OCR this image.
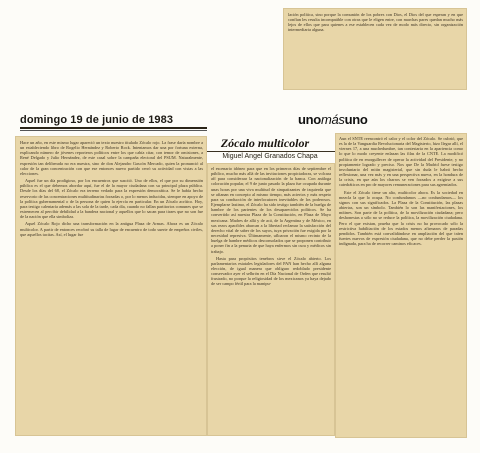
lación política, sino porque la comunión de los pobres con Dios, el Dios del que esperan y en que confían les resulta incompatible con otras que le eligen entre, con marchas pares quedan mucho más lejos de ellos que para quienes a ese establecen cada vez de modo más directo, sin organización intermediaria alguna.

domingo 19 de junio de 1983	unomásuno
Zócalo multicolor
Miguel Angel Granados Chapa

Hace un año, en este mismo lugar apareció un texto nuestro titulado Zócalo rojo. La frase daría nombre a un estableciendo libro de Rogelio Hernández y Roberto Rock. Intentamos dar una por fortuna externa, explicando número de jóvenes reporteros políticos entre los que cabía citar, con temor de omisiones, a René Delgado y Julio Hernández, de este casal sobre la campaña electoral del PSUM. Naturalmente, expresión tan deliberada no era nuestra, sino de don Alejandro Gascón Mercado, quien la pronunció al calor de la gran concentración con que ese entonces nuevo partido cerró su actividad con vistas a las elecciones.

Aquel fue un día prodigioso, por los encuentros que suscitó. Uno de ellos, el que por su dimensión pública es el que debemos abordar aquí, fue el de la mayor ciudadana con su principal plaza pública. Desde los días del 68, el Zócalo era terreno vedado para la expresión democrática. Se le había hecho reservorio de las concentraciones multitudinarias forzadas o, por lo menos inducidas, siempre en apoyo de la política gubernamental o de la persona de quien la ejercía en particular. En un Zócalo acrítico. Hoy, para testigo calentaría además a las sola de la tarde, cada día, cuando no fallan partitorios comunes que se estremecen al percibir debilidad a la bandera nacional y aquellos que lo sacan para tiraes que no son fue de la nación que ella simboliza.

Aquel Zócalo Rojo dicho una transformación en la antigua Plaza de Armas. Ahora es un Zócalo multicolor. A partir de entonces recobró su talla de lugar de encuentro de todo suerte de empeños civiles, que aquellos tacitas. Así, el lugar fue

el escenario idóneo para que en los primeros días de septiembre el público, mucho más allá de las invitaciones propiciadoras, se volcara afí para consideraar la nacionalización de la banca. Con análoga coloración popular, el 9 de junio pasado la plaza fue ocupada durante unas horas por una viva multitud de simpatizantes de izquierda que se afianan en concepto al mismo tiempo, más aciertos y más respeto para su conducción de interlocutores inevitables de los poderosos. Ejemplarse lastimo, el Zócalo ha sido testigo también de la huelga de hambre de los parientes de los desaparecidos políticos. Se ha convertido así nuestra Plaza de la Constitución, en Plaza de Mayo mexicana. Madres de allá y de acá, de la Argentina y de México, en sus rezos apacibles abarcan a la libertad reclamar la satisfacción del derecho vital de saber de los suyos, tuya privación fue exigida por la necesidad represiva. Últimamente, ufloaron el mismo recinto de la huelga de hambre médicos desconsolados que se proponen contribuir a poner fin a la penuria de que haya enfermos sin cura y médicos sin trabajo.

Hasta para propósitos tenebros sirve el Zócalo abierto. Los parlamentarios estatales legisladores del PAN han hecho allí alguna elección, de igual manera que obligaro redoblado presidente conservador ayer el selbrón en el Día Nacional de Orden que resultó frustrado, no porque la religiosidad de los mexicanos ya haya dejado de ser campo fértil para la manipu-

Aun el SNTE reencontró el calor y el color del Zócalo. Se cubrió, que es la de la Vanguardia Revolucionaria del Magisterio, hizo llegar allí, el viernes 17, a una muchedumbre, tan contestaria en la apariencia como lo que lo modo creyente enlazan las filas de la CNTE. La modificó política de en enorgullecer de operar la actividad del Presidente, y no propiamente logrado y preciso. Nos que De la Madrid fuese testigo involuntario del mitin magisterial, que sin duda le habrá hecho reflexionar, una vez más y en una perspectiva nueva, en la hondura de la crisis, en que aún los charros se ven forzados a exigirse a sus catedráticos en pro de mayores remuneraciones para sus agremiados.

Este el Zócalo tiene un alto, multicolor ahora. Es la sociedad en mezcla la que lo ocupa. No confundamos —no confundamos— los signos con sus significados. La Plaza de la Constitución, las plazas abiertas, son un símbolo. También lo son las manifestaciones, los mítines. Son parte de la política, de la movilización ciudadana; pero deshonestas a sólo no se reduce la política, la movilización ciudadana. Pero el que existan, prueba que la crisis no ha provocado sólo la restrictiva habilitación de los estados menos afirmaros de paradas pendidos. También está convalidándose en ampliación del que tráen fuertes nuevos de expresión ciudadana, que no debe perder la pasión indignada, para ha de recorrer caminos eficaces.
